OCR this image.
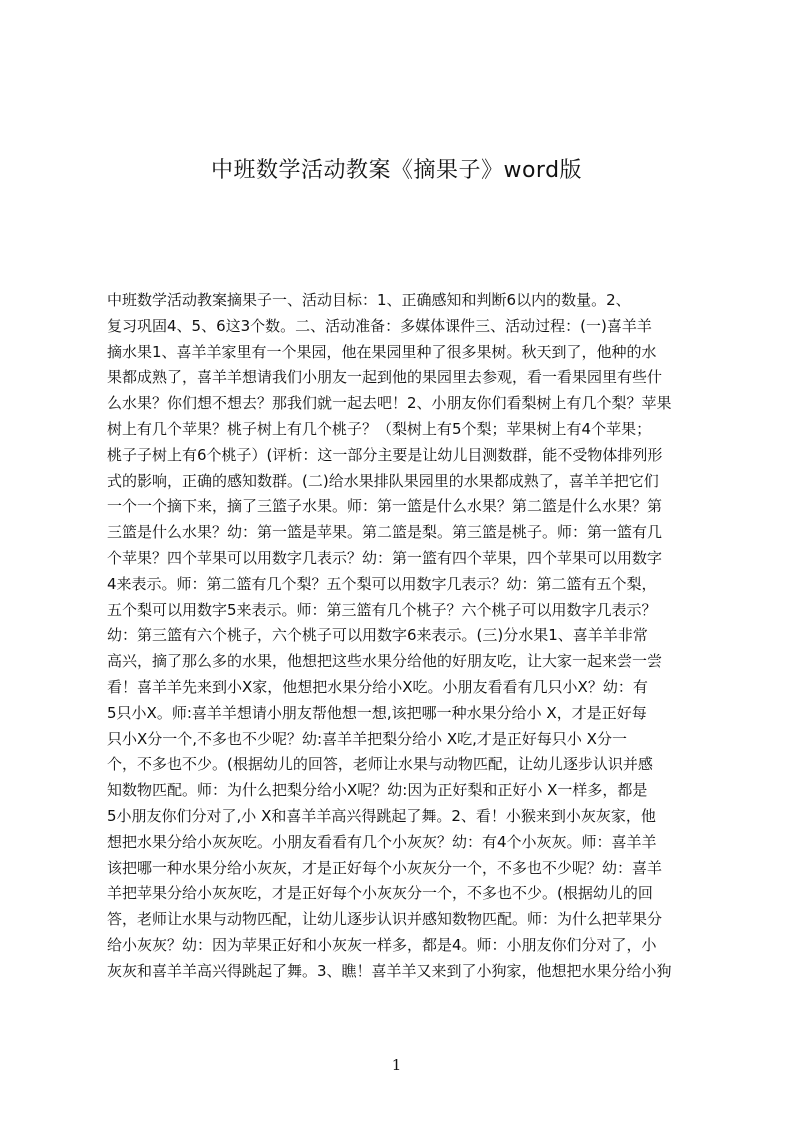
中班数学活动教案《摘果子》word版
中班数学活动教案摘果子一、活动目标：1、正确感知和判断6以内的数量。2、
复习巩固4、5、6这3个数。二、活动准备：多媒体课件三、活动过程：(一)喜羊羊
摘水果1、喜羊羊家里有一个果园，他在果园里种了很多果树。秋天到了，他种的水
果都成熟了，喜羊羊想请我们小朋友一起到他的果园里去参观，看一看果园里有些什
么水果？你们想不想去？那我们就一起去吧！2、小朋友你们看梨树上有几个梨？苹果
树上有几个苹果？桃子树上有几个桃子？（梨树上有5个梨；苹果树上有4个苹果；
桃子子树上有6个桃子）(评析：这一部分主要是让幼儿目测数群，能不受物体排列形
式的影响，正确的感知数群。(二)给水果排队果园里的水果都成熟了，喜羊羊把它们
一个一个摘下来，摘了三篮子水果。师：第一篮是什么水果？第二篮是什么水果？第
三篮是什么水果？幼：第一篮是苹果。第二篮是梨。第三篮是桃子。师：第一篮有几
个苹果？四个苹果可以用数字几表示？幼：第一篮有四个苹果，四个苹果可以用数字
4来表示。师：第二篮有几个梨？五个梨可以用数字几表示？幼：第二篮有五个梨，
五个梨可以用数字5来表示。师：第三篮有几个桃子？六个桃子可以用数字几表示？
幼：第三篮有六个桃子，六个桃子可以用数字6来表示。(三)分水果1、喜羊羊非常
高兴，摘了那么多的水果，他想把这些水果分给他的好朋友吃，让大家一起来尝一尝
看！喜羊羊先来到小X家，他想把水果分给小X吃。小朋友看看有几只小X？幼：有
5只小X。师:喜羊羊想请小朋友帮他想一想,该把哪一种水果分给小 X，才是正好每
只小X分一个,不多也不少呢？幼:喜羊羊把梨分给小 X吃,才是正好每只小 X分一
个，不多也不少。(根据幼儿的回答，老师让水果与动物匹配，让幼儿逐步认识并感
知数物匹配。师：为什么把梨分给小X呢？幼:因为正好梨和正好小 X一样多，都是
5小朋友你们分对了,小 X和喜羊羊高兴得跳起了舞。2、看！小猴来到小灰灰家，他
想把水果分给小灰灰吃。小朋友看看有几个小灰灰？幼：有4个小灰灰。师：喜羊羊
该把哪一种水果分给小灰灰，才是正好每个小灰灰分一个，不多也不少呢？幼：喜羊
羊把苹果分给小灰灰吃，才是正好每个小灰灰分一个，不多也不少。(根据幼儿的回
答，老师让水果与动物匹配，让幼儿逐步认识并感知数物匹配。师：为什么把苹果分
给小灰灰？幼：因为苹果正好和小灰灰一样多，都是4。师：小朋友你们分对了，小
灰灰和喜羊羊高兴得跳起了舞。3、瞧！喜羊羊又来到了小狗家，他想把水果分给小狗
1
